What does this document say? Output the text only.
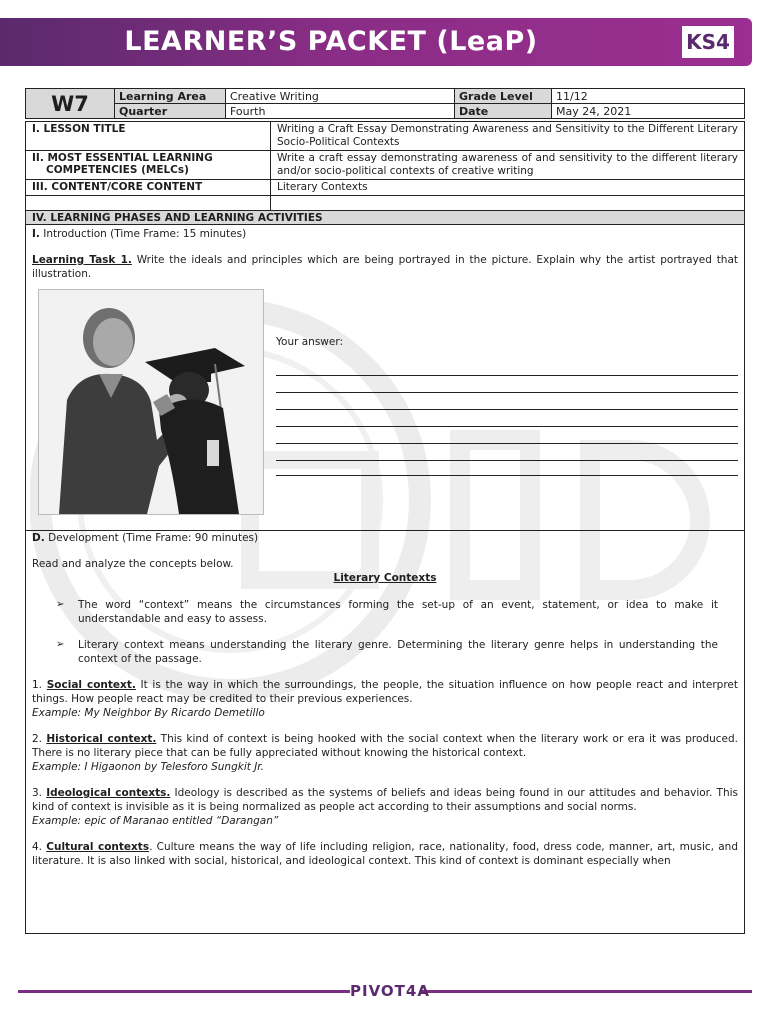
LEARNER’S PACKET (LeaP)	KS4
W7	Learning Area	Creative Writing	Grade Level	11/12
	Quarter	Fourth	Date	May 24, 2021
I. LESSON TITLE	Writing a Craft Essay Demonstrating Awareness and Sensitivity to the Different Literary Socio-Political Contexts

II. MOST ESSENTIAL LEARNING
COMPETENCIES (MELCs)	Write a craft essay demonstrating awareness of and sensitivity to the different literary and/or socio-political contexts of creative writing
III. CONTENT/CORE CONTENT	Literary Contexts

IV. LEARNING PHASES AND LEARNING ACTIVITIES
I. Introduction (Time Frame: 15 minutes)
Learning Task 1. Write the ideals and principles which are being portrayed in the picture. Explain why the artist portrayed that illustration.
Your answer:
D. Development (Time Frame: 90 minutes)
Read and analyze the concepts below.
Literary Contexts
➢ The word “context” means the circumstances forming the set-up of an event, statement, or idea to make it understandable and easy to assess.
➢ Literary context means understanding the literary genre. Determining the literary genre helps in understanding the context of the passage.
1. Social context. It is the way in which the surroundings, the people, the situation influence on how people react and interpret things. How people react may be credited to their previous experiences.
Example: My Neighbor By Ricardo Demetillo
2. Historical context. This kind of context is being hooked with the social context when the literary work or era it was produced. There is no literary piece that can be fully appreciated without knowing the historical context.
Example: I Higaonon by Telesforo Sungkit Jr.
3. Ideological contexts. Ideology is described as the systems of beliefs and ideas being found in our attitudes and behavior. This kind of context is invisible as it is being normalized as people act according to their assumptions and social norms.
Example: epic of Maranao entitled “Darangan”
4. Cultural contexts. Culture means the way of life including religion, race, nationality, food, dress code, manner, art, music, and literature. It is also linked with social, historical, and ideological context. This kind of context is dominant especially when
PIVOT4A
